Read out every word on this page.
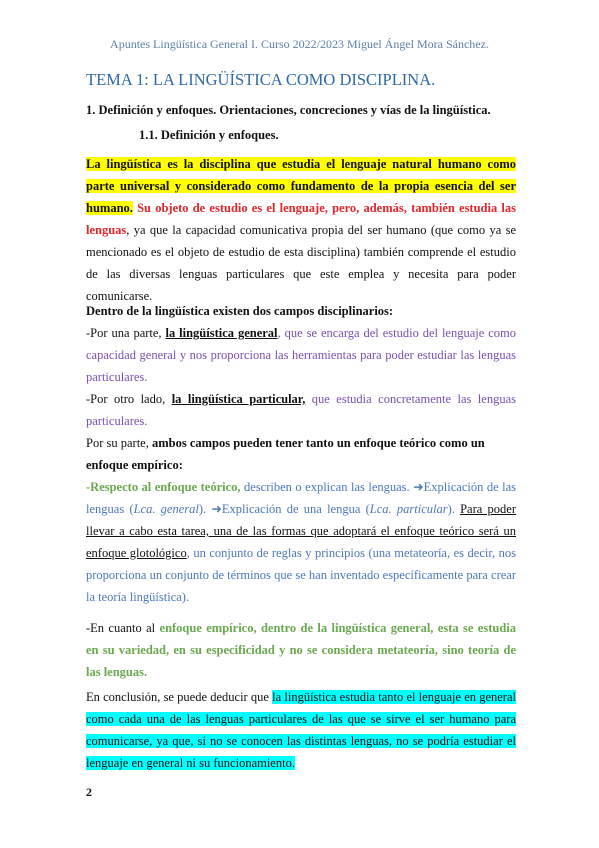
Apuntes Lingüística General I. Curso 2022/2023 Miguel Ángel Mora Sánchez.
TEMA 1: LA LINGÜÍSTICA COMO DISCIPLINA.
1. Definición y enfoques. Orientaciones, concreciones y vías de la lingüística.
1.1. Definición y enfoques.
La lingüística es la disciplina que estudia el lenguaje natural humano como parte universal y considerado como fundamento de la propia esencia del ser humano. Su objeto de estudio es el lenguaje, pero, además, también estudia las lenguas, ya que la capacidad comunicativa propia del ser humano (que como ya se mencionado es el objeto de estudio de esta disciplina) también comprende el estudio de las diversas lenguas particulares que este emplea y necesita para poder comunicarse.
Dentro de la lingüística existen dos campos disciplinarios:
-Por una parte, la lingüística general, que se encarga del estudio del lenguaje como capacidad general y nos proporciona las herramientas para poder estudiar las lenguas particulares.
-Por otro lado, la lingüística particular, que estudia concretamente las lenguas particulares.
Por su parte, ambos campos pueden tener tanto un enfoque teórico como un enfoque empírico:
-Respecto al enfoque teórico, describen o explican las lenguas. ➜Explicación de las lenguas (Lca. general). ➜Explicación de una lengua (Lca. particular). Para poder llevar a cabo esta tarea, una de las formas que adoptará el enfoque teórico será un enfoque glotológico, un conjunto de reglas y principios (una metateoría, es decir, nos proporciona un conjunto de términos que se han inventado específicamente para crear la teoría lingüística).
-En cuanto al enfoque empírico, dentro de la lingüística general, esta se estudia en su variedad, en su especificidad y no se considera metateoría, sino teoría de las lenguas.
En conclusión, se puede deducir que la lingüística estudia tanto el lenguaje en general como cada una de las lenguas particulares de las que se sirve el ser humano para comunicarse, ya que, si no se conocen las distintas lenguas, no se podría estudiar el lenguaje en general ni su funcionamiento.
2
